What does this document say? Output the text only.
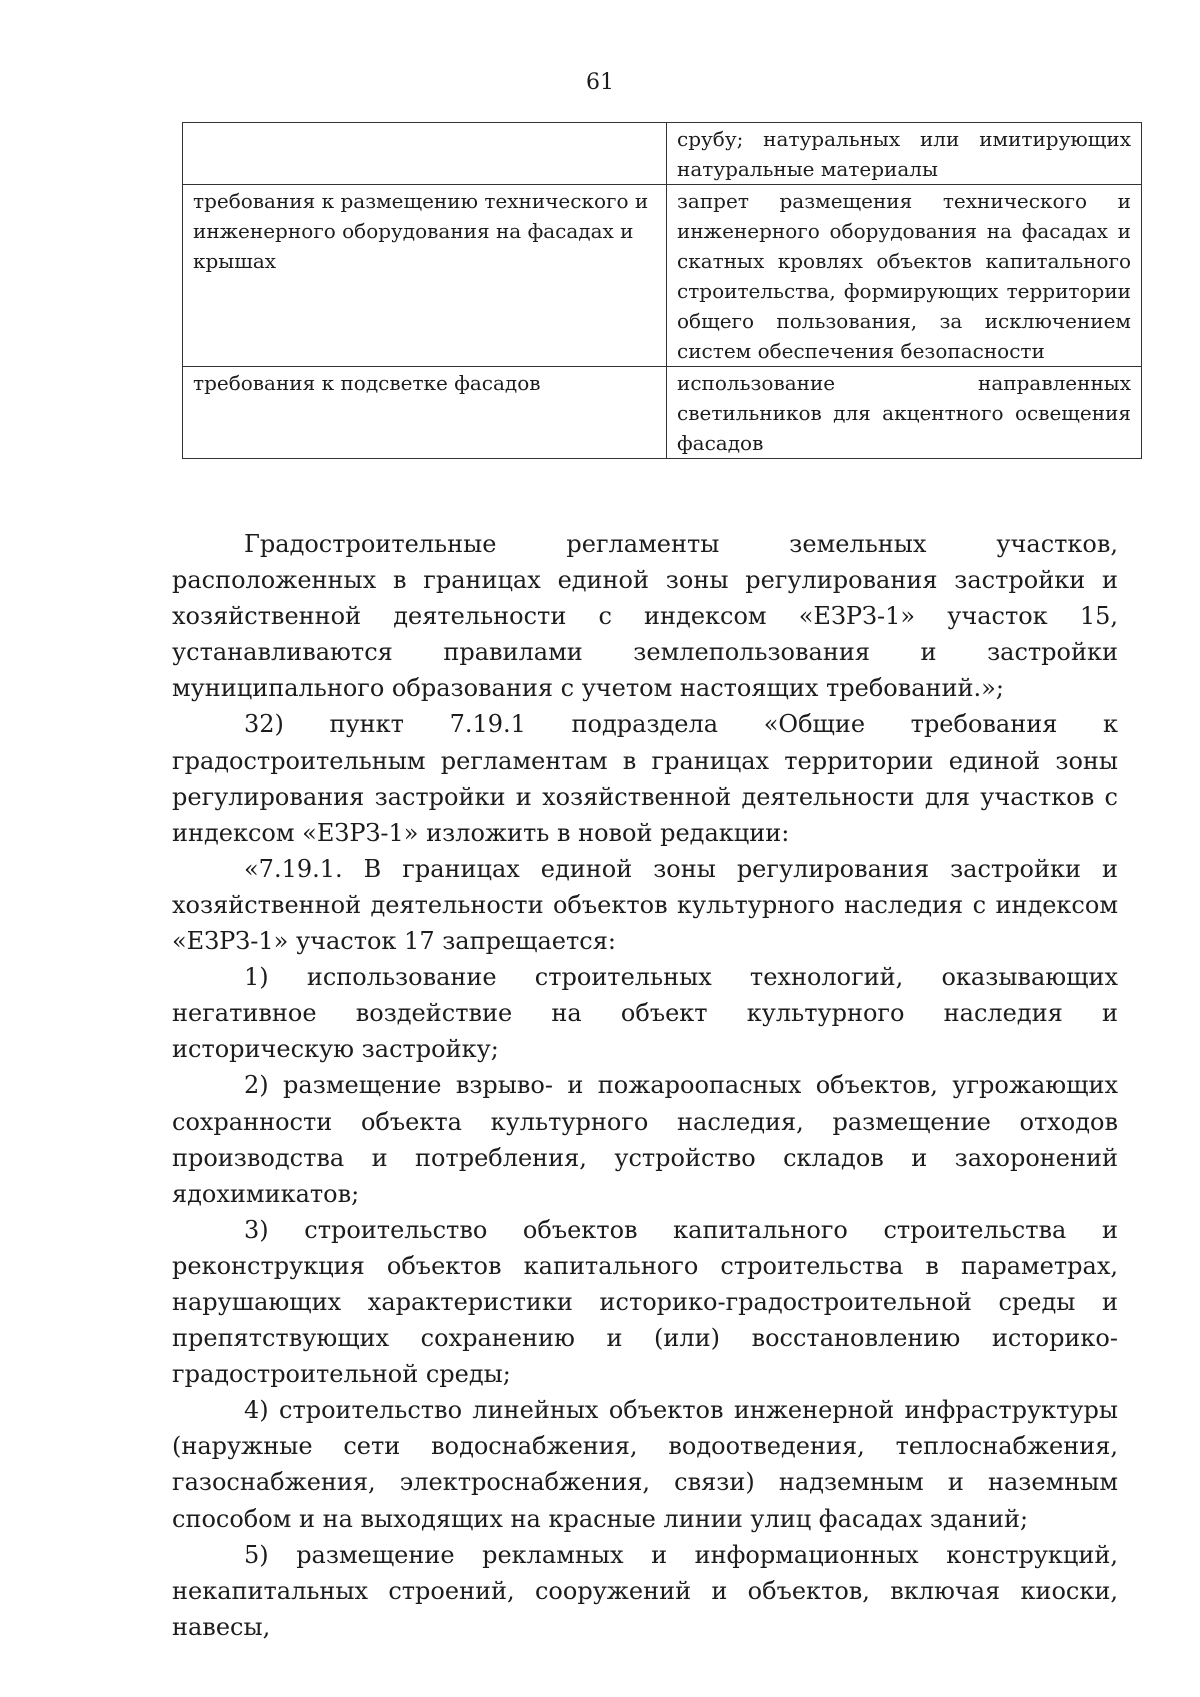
61
	срубу; натуральных или имитирующих натуральные материалы
требования к размещению технического и инженерного оборудования на фасадах и крышах	запрет размещения технического и инженерного оборудования на фасадах и скатных кровлях объектов капитального строительства, формирующих территории общего пользования, за исключением систем обеспечения безопасности
требования к подсветке фасадов	использование направленных светильников для акцентного освещения фасадов

Градостроительные регламенты земельных участков, расположенных в границах единой зоны регулирования застройки и хозяйственной деятельности с индексом «ЕЗРЗ-1» участок 15, устанавливаются правилами землепользования и застройки муниципального образования с учетом настоящих требований.»;

32) пункт 7.19.1 подраздела «Общие требования к градостроительным регламентам в границах территории единой зоны регулирования застройки и хозяйственной деятельности для участков с индексом «ЕЗРЗ-1» изложить в новой редакции:

«7.19.1. В границах единой зоны регулирования застройки и хозяйственной деятельности объектов культурного наследия с индексом «ЕЗРЗ-1» участок 17 запрещается:

1) использование строительных технологий, оказывающих негативное воздействие на объект культурного наследия и историческую застройку;

2) размещение взрыво- и пожароопасных объектов, угрожающих сохранности объекта культурного наследия, размещение отходов производства и потребления, устройство складов и захоронений ядохимикатов;

3) строительство объектов капитального строительства и реконструкция объектов капитального строительства в параметрах, нарушающих характеристики историко-градостроительной среды и препятствующих сохранению и (или) восстановлению историко-градостроительной среды;

4) строительство линейных объектов инженерной инфраструктуры (наружные сети водоснабжения, водоотведения, теплоснабжения, газоснабжения, электроснабжения, связи) надземным и наземным способом и на выходящих на красные линии улиц фасадах зданий;

5) размещение рекламных и информационных конструкций, некапитальных строений, сооружений и объектов, включая киоски, навесы,
